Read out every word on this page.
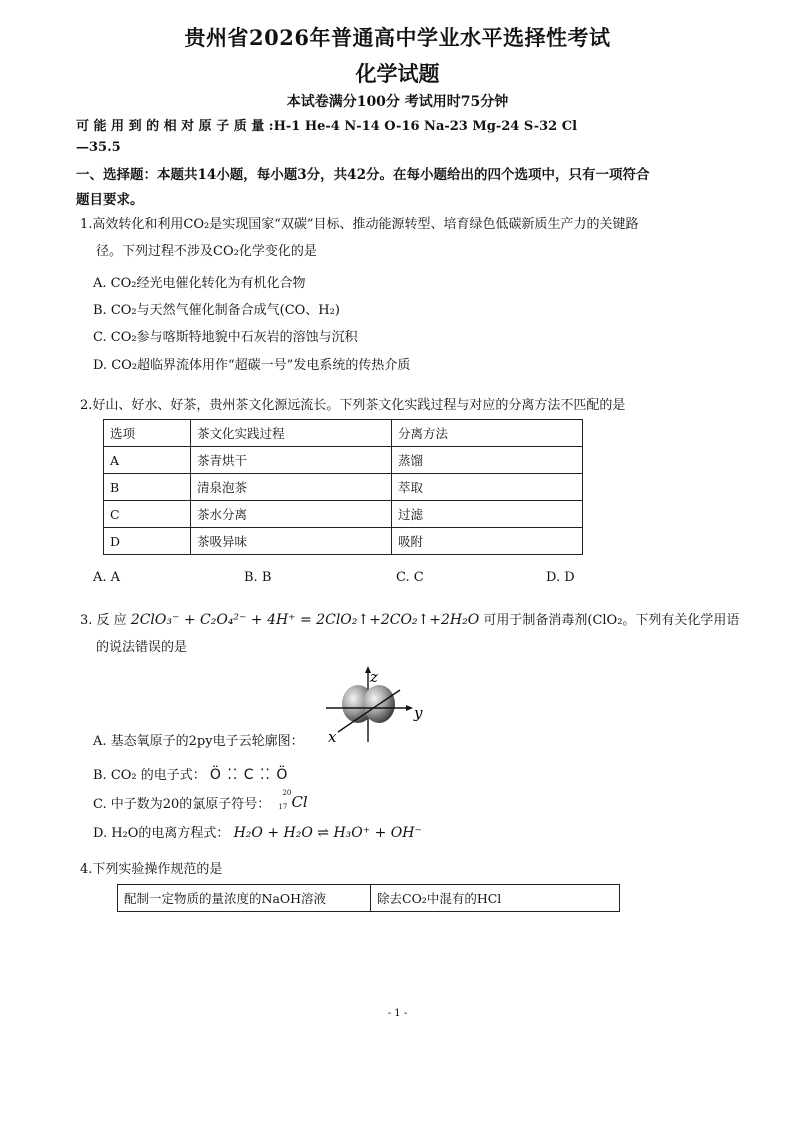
贵州省2026年普通高中学业水平选择性考试
化学试题
本试卷满分100分 考试用时75分钟
可 能 用 到 的 相 对 原 子 质 量 :H-1 He-4 N-14 O-16 Na-23 Mg-24 S-32 Cl
—35.5
一、选择题：本题共14小题，每小题3分，共42分。在每小题给出的四个选项中，只有一项符合
题目要求。
1.高效转化和利用CO₂是实现国家“双碳”目标、推动能源转型、培育绿色低碳新质生产力的关键路
径。下列过程不涉及CO₂化学变化的是
A. CO₂经光电催化转化为有机化合物
B. CO₂与天然气催化制备合成气(CO、H₂)
C. CO₂参与喀斯特地貌中石灰岩的溶蚀与沉积
D. CO₂超临界流体用作“超碳一号”发电系统的传热介质
2.好山、好水、好茶，贵州茶文化源远流长。下列茶文化实践过程与对应的分离方法不匹配的是
选项	茶文化实践过程	分离方法
A	茶青烘干	蒸馏
B	清泉泡茶	萃取
C	茶水分离	过滤
D	茶吸异味	吸附
A. A	B. B	C. C	D. D
3. 反 应 2ClO₃⁻ + C₂O₄²⁻ + 4H⁺ = 2ClO₂↑+2CO₂↑+2H₂O 可用于制备消毒剂(ClO₂。下列有关化学用语
的说法错误的是
z
y
x
A. 基态氧原子的2py电子云轮廓图：
B. CO₂ 的电子式： Ö ⁚⁚ C ⁚⁚ Ö
C. 中子数为20的氯原子符号：
20
17 Cl
D. H₂O的电离方程式： H₂O + H₂O ⇌ H₃O⁺ + OH⁻
4.下列实验操作规范的是
配制一定物质的量浓度的NaOH溶液	除去CO₂中混有的HCl
- 1 -
